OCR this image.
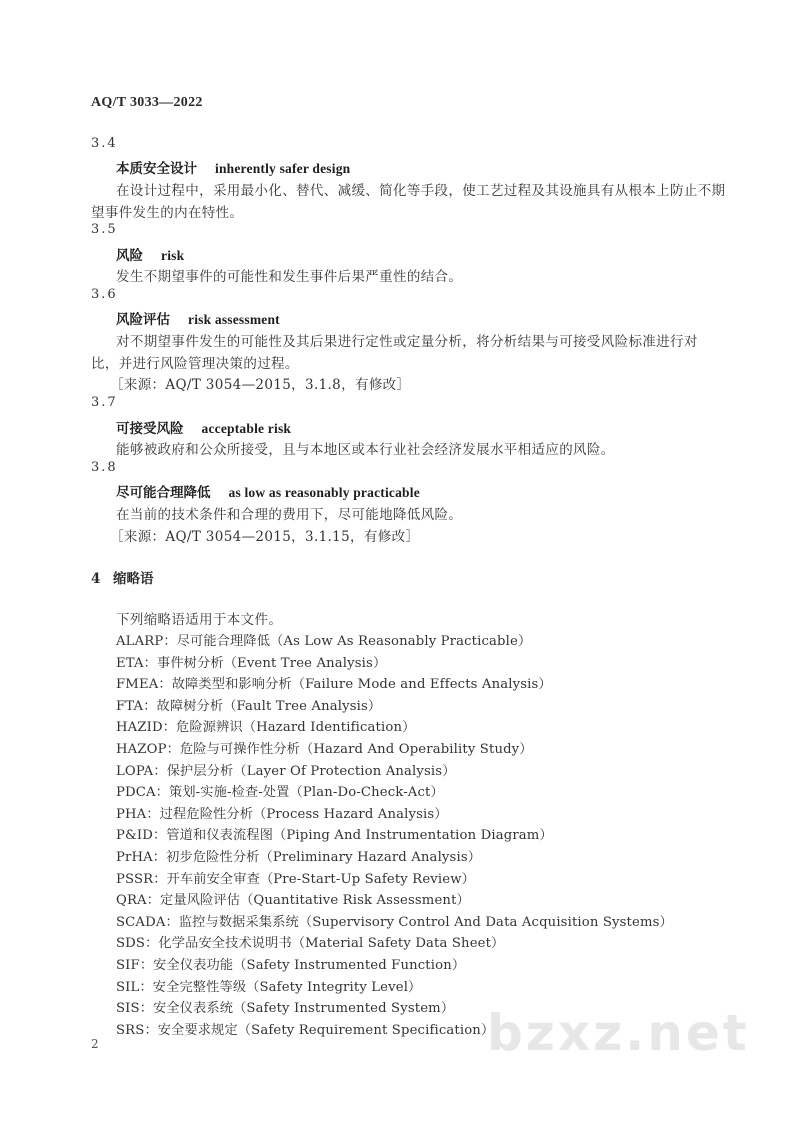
AQ/T 3033—2022
3.4
本质安全设计 inherently safer design
在设计过程中，采用最小化、替代、减缓、简化等手段，使工艺过程及其设施具有从根本上防止不期
望事件发生的内在特性。
3.5
风险 risk
发生不期望事件的可能性和发生事件后果严重性的结合。
3.6
风险评估 risk assessment
对不期望事件发生的可能性及其后果进行定性或定量分析，将分析结果与可接受风险标准进行对
比，并进行风险管理决策的过程。
［来源：AQ/T 3054—2015，3.1.8，有修改］
3.7
可接受风险 acceptable risk
能够被政府和公众所接受，且与本地区或本行业社会经济发展水平相适应的风险。
3.8
尽可能合理降低 as low as reasonably practicable
在当前的技术条件和合理的费用下，尽可能地降低风险。
［来源：AQ/T 3054—2015，3.1.15，有修改］
4 缩略语
下列缩略语适用于本文件。
ALARP：尽可能合理降低（As Low As Reasonably Practicable）
ETA：事件树分析（Event Tree Analysis）
FMEA：故障类型和影响分析（Failure Mode and Effects Analysis）
FTA：故障树分析（Fault Tree Analysis）
HAZID：危险源辨识（Hazard Identification）
HAZOP：危险与可操作性分析（Hazard And Operability Study）
LOPA：保护层分析（Layer Of Protection Analysis）
PDCA：策划-实施-检查-处置（Plan-Do-Check-Act）
PHA：过程危险性分析（Process Hazard Analysis）
P&ID：管道和仪表流程图（Piping And Instrumentation Diagram）
PrHA：初步危险性分析（Preliminary Hazard Analysis）
PSSR：开车前安全审查（Pre-Start-Up Safety Review）
QRA：定量风险评估（Quantitative Risk Assessment）
SCADA：监控与数据采集系统（Supervisory Control And Data Acquisition Systems）
SDS：化学品安全技术说明书（Material Safety Data Sheet）
SIF：安全仪表功能（Safety Instrumented Function）
SIL：安全完整性等级（Safety Integrity Level）
SIS：安全仪表系统（Safety Instrumented System）
SRS：安全要求规定（Safety Requirement Specification）
2	bzxz.net
